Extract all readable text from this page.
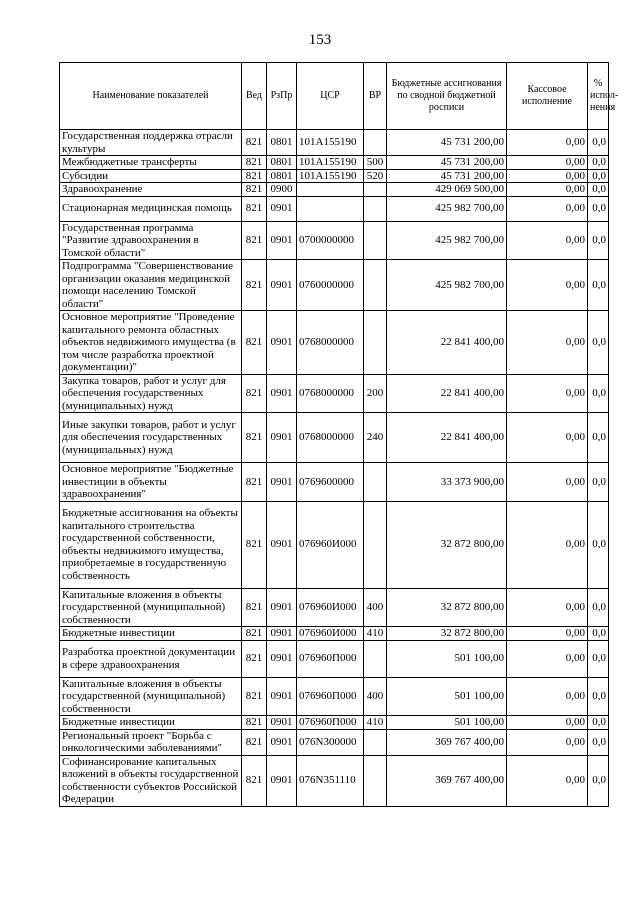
153
Наименование показателей	Вед	РзПр	ЦСР	ВР	Бюджетные ассигнования по сводной бюджетной росписи	Кассовое исполнение	% испол- нения
Государственная поддержка отрасли культуры	821	0801	101A155190		45 731 200,00	0,00	0,0
Межбюджетные трансферты	821	0801	101A155190	500	45 731 200,00	0,00	0,0
Субсидии	821	0801	101A155190	520	45 731 200,00	0,00	0,0
Здравоохранение	821	0900			429 069 500,00	0,00	0,0
Стационарная медицинская помощь	821	0901			425 982 700,00	0,00	0,0
Государственная программа "Развитие здравоохранения в Томской области"	821	0901	0700000000		425 982 700,00	0,00	0,0
Подпрограмма "Совершенствование организации оказания медицинской помощи населению Томской области"	821	0901	0760000000		425 982 700,00	0,00	0,0
Основное мероприятие "Проведение капитального ремонта областных объектов недвижимого имущества (в том числе разработка проектной документации)"	821	0901	0768000000		22 841 400,00	0,00	0,0
Закупка товаров, работ и услуг для обеспечения государственных (муниципальных) нужд	821	0901	0768000000	200	22 841 400,00	0,00	0,0
Иные закупки товаров, работ и услуг для обеспечения государственных (муниципальных) нужд	821	0901	0768000000	240	22 841 400,00	0,00	0,0
Основное мероприятие "Бюджетные инвестиции в объекты здравоохранения"	821	0901	0769600000		33 373 900,00	0,00	0,0
Бюджетные ассигнования на объекты капитального строительства государственной собственности, объекты недвижимого имущества, приобретаемые в государственную собственность	821	0901	076960И000		32 872 800,00	0,00	0,0
Капитальные вложения в объекты государственной (муниципальной) собственности	821	0901	076960И000	400	32 872 800,00	0,00	0,0
Бюджетные инвестиции	821	0901	076960И000	410	32 872 800,00	0,00	0,0
Разработка проектной документации в сфере здравоохранения	821	0901	076960П000		501 100,00	0,00	0,0
Капитальные вложения в объекты государственной (муниципальной) собственности	821	0901	076960П000	400	501 100,00	0,00	0,0
Бюджетные инвестиции	821	0901	076960П000	410	501 100,00	0,00	0,0
Региональный проект "Борьба с онкологическими заболеваниями"	821	0901	076N300000		369 767 400,00	0,00	0,0
Софинансирование капитальных вложений в объекты государственной собственности субъектов Российской Федерации	821	0901	076N351110		369 767 400,00	0,00	0,0
